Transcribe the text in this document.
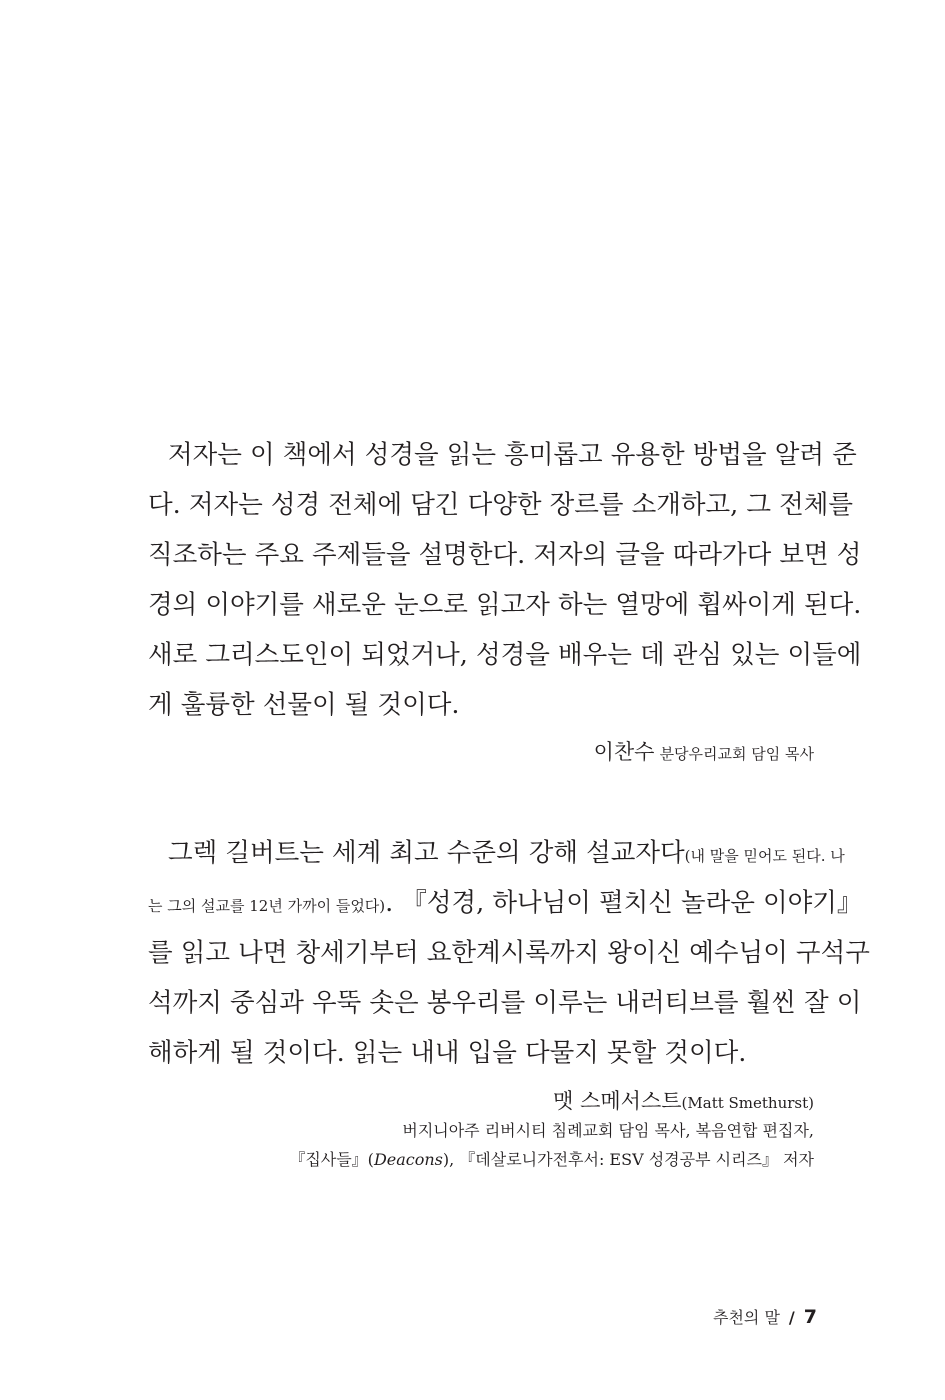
저자는 이 책에서 성경을 읽는 흥미롭고 유용한 방법을 알려 준
다. 저자는 성경 전체에 담긴 다양한 장르를 소개하고, 그 전체를
직조하는 주요 주제들을 설명한다. 저자의 글을 따라가다 보면 성
경의 이야기를 새로운 눈으로 읽고자 하는 열망에 휩싸이게 된다.
새로 그리스도인이 되었거나, 성경을 배우는 데 관심 있는 이들에
게 훌륭한 선물이 될 것이다.
이찬수 분당우리교회 담임 목사
그렉 길버트는 세계 최고 수준의 강해 설교자다(내 말을 믿어도 된다. 나
는 그의 설교를 12년 가까이 들었다). 『성경, 하나님이 펼치신 놀라운 이야기』
를 읽고 나면 창세기부터 요한계시록까지 왕이신 예수님이 구석구
석까지 중심과 우뚝 솟은 봉우리를 이루는 내러티브를 훨씬 잘 이
해하게 될 것이다. 읽는 내내 입을 다물지 못할 것이다.
맷 스메서스트(Matt Smethurst)
버지니아주 리버시티 침례교회 담임 목사, 복음연합 편집자,
『집사들』(Deacons), 『데살로니가전후서: ESV 성경공부 시리즈』 저자
추천의 말 / 7
